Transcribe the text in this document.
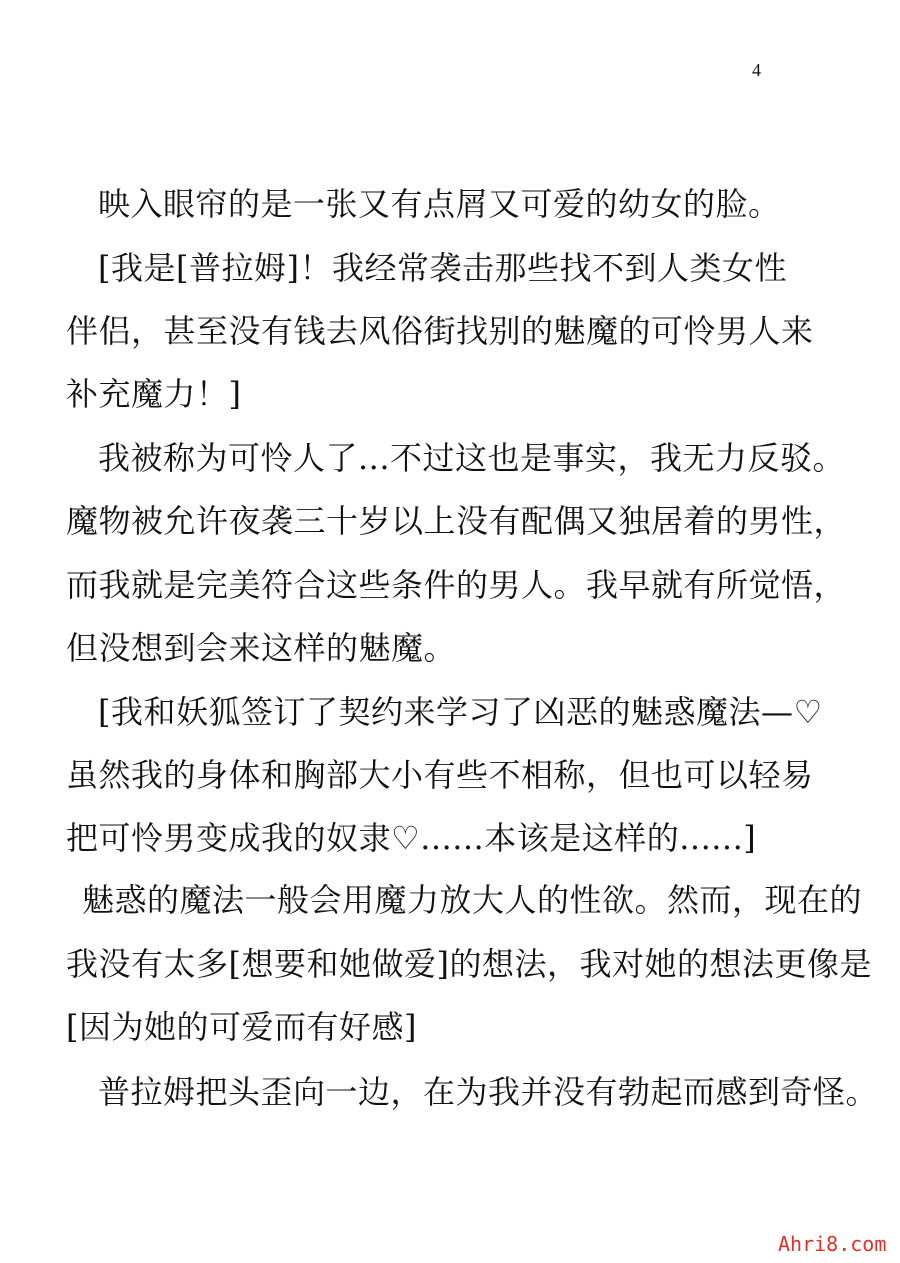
4
映入眼帘的是一张又有点屑又可爱的幼女的脸。
[我是[普拉姆]！我经常袭击那些找不到人类女性
伴侣，甚至没有钱去风俗街找别的魅魔的可怜男人来
补充魔力！]
我被称为可怜人了...不过这也是事实，我无力反驳。
魔物被允许夜袭三十岁以上没有配偶又独居着的男性，
而我就是完美符合这些条件的男人。我早就有所觉悟，
但没想到会来这样的魅魔。
[我和妖狐签订了契约来学习了凶恶的魅惑魔法—♡
虽然我的身体和胸部大小有些不相称，但也可以轻易
把可怜男变成我的奴隶♡......本该是这样的......]
魅惑的魔法一般会用魔力放大人的性欲。然而，现在的
我没有太多[想要和她做爱]的想法，我对她的想法更像是
[因为她的可爱而有好感]
普拉姆把头歪向一边，在为我并没有勃起而感到奇怪。
Ahri8.com
